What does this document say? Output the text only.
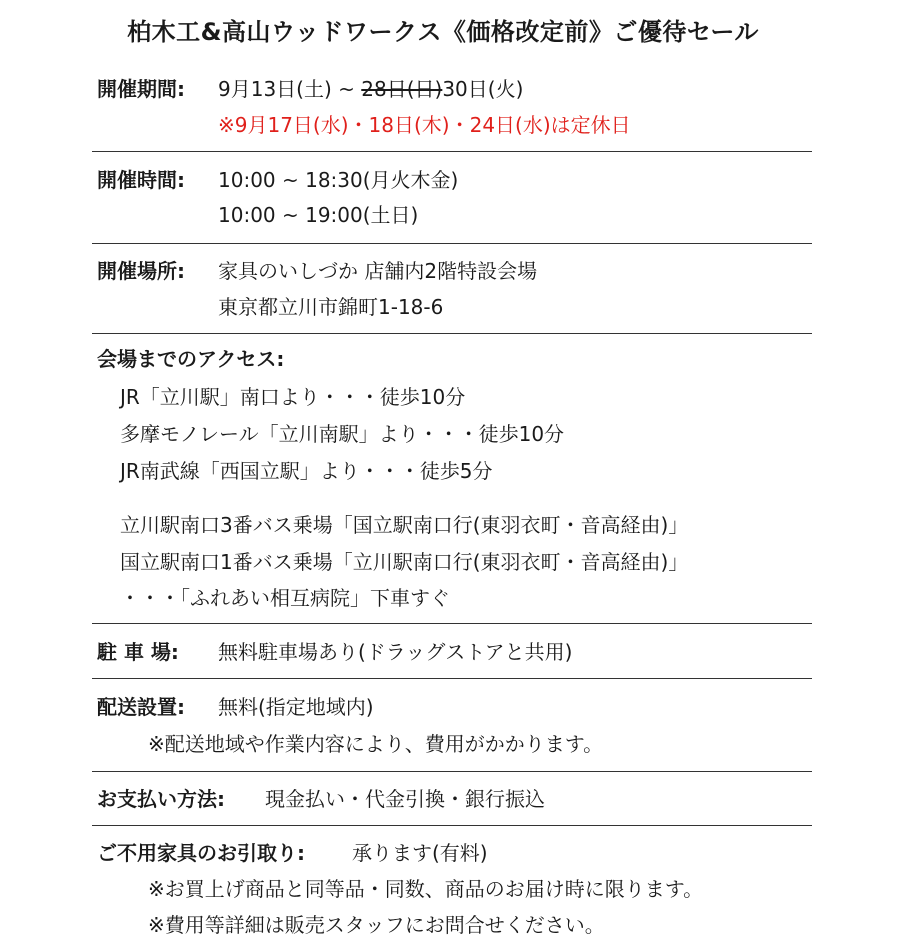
柏木工&高山ウッドワークス《価格改定前》ご優待セール
開催期間: 9月13日(土) ~ 28日(日)30日(火)
※9月17日(水)・18日(木)・24日(水)は定休日
開催時間: 10:00 ~ 18:30(月火木金)
10:00 ~ 19:00(土日)
開催場所: 家具のいしづか 店舗内2階特設会場
東京都立川市錦町1-18-6
会場までのアクセス:
JR「立川駅」南口より・・・徒歩10分
多摩モノレール「立川南駅」より・・・徒歩10分
JR南武線「西国立駅」より・・・徒歩5分
立川駅南口3番バス乗場「国立駅南口行(東羽衣町・音高経由)」
国立駅南口1番バス乗場「立川駅南口行(東羽衣町・音高経由)」
・・・「ふれあい相互病院」下車すぐ
駐 車 場: 無料駐車場あり(ドラッグストアと共用)
配送設置: 無料(指定地域内)
※配送地域や作業内容により、費用がかかります。
お支払い方法: 現金払い・代金引換・銀行振込
ご不用家具のお引取り: 承ります(有料)
※お買上げ商品と同等品・同数、商品のお届け時に限ります。
※費用等詳細は販売スタッフにお問合せください。
